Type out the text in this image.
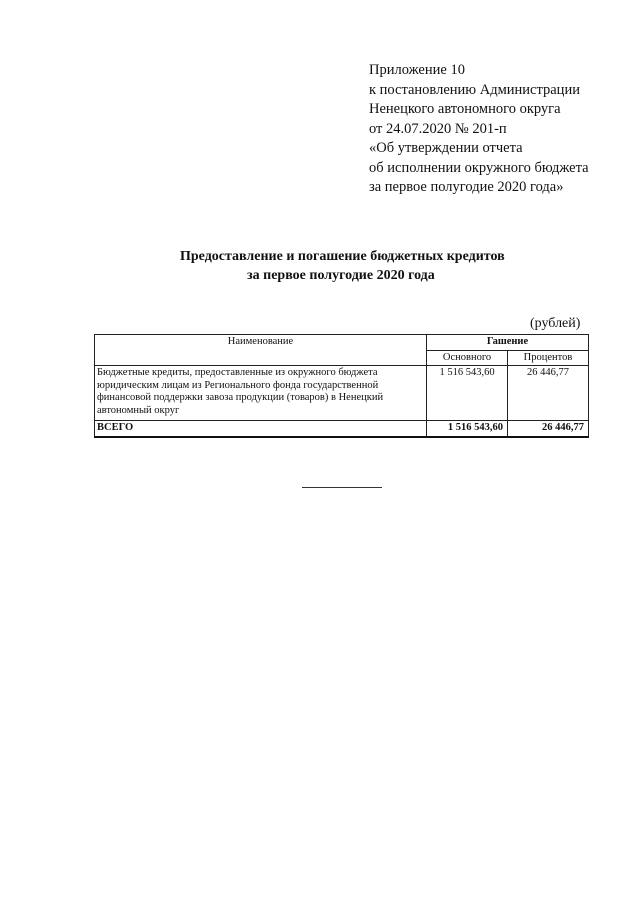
Приложение 10
к постановлению Администрации
Ненецкого автономного округа
от 24.07.2020 № 201-п
«Об утверждении отчета
об исполнении окружного бюджета
за первое полугодие 2020 года»
Предоставление и погашение бюджетных кредитов
за первое полугодие 2020 года
(рублей)
Наименование	Гашение	
	Основного	Процентов
Бюджетные кредиты, предоставленные из окружного бюджета юридическим лицам из Регионального фонда государственной финансовой поддержки завоза продукции (товаров) в Ненецкий автономный округ	1 516 543,60	26 446,77
ВСЕГО	1 516 543,60	26 446,77
